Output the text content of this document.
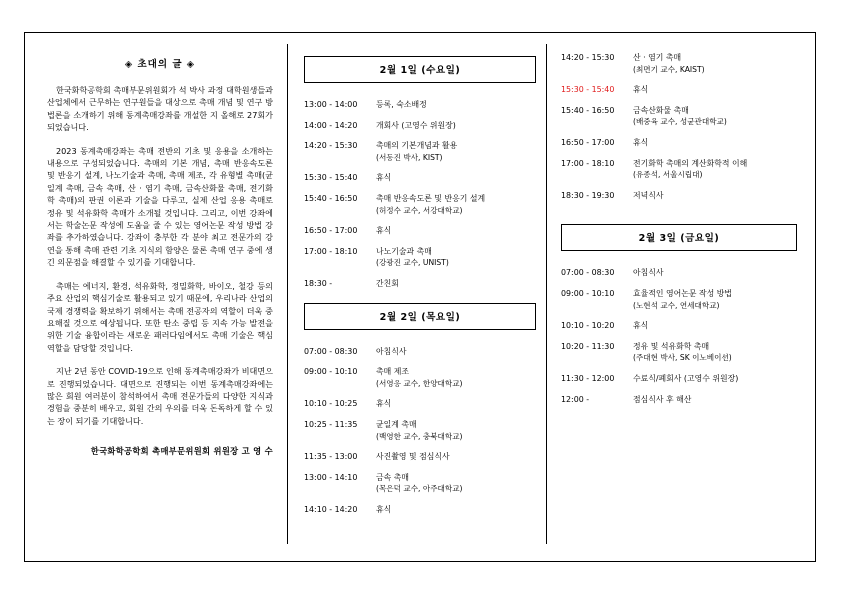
◈ 초대의 글 ◈

한국화학공학회 촉매부문위원회가 석 박사 과정 대학원생들과 산업체에서 근무하는 연구원들을 대상으로 촉매 개념 및 연구 방법론을 소개하기 위해 동계촉매강좌를 개설한 지 올해로 27회가 되었습니다.

2023 동계촉매강좌는 촉매 전반의 기초 및 응용을 소개하는 내용으로 구성되었습니다. 촉매의 기본 개념, 촉매 반응속도론 및 반응기 설계, 나노기술과 촉매, 촉매 제조, 각 유형별 촉매(균일계 촉매, 금속 촉매, 산 · 염기 촉매, 금속산화물 촉매, 전기화학 촉매)의 판권 이론과 기술을 다루고, 실제 산업 응용 촉매로 정유 및 석유화학 촉매가 소개될 것입니다. 그리고, 이번 강좌에서는 학술논문 작성에 도움을 줄 수 있는 영어논문 작성 방법 강좌를 추가하였습니다. 강좌이 충부한 각 분야 최고 전문가의 강연을 통해 촉매 관련 기초 지식의 함양은 물론 촉매 연구 중에 생긴 의문점을 해결할 수 있기를 기대합니다.

촉매는 에너지, 환경, 석유화학, 정밀화학, 바이오, 철강 등의 주요 산업의 핵심기술로 활용되고 있기 때문에, 우리나라 산업의 국제 경쟁력을 확보하기 위해서는 촉매 전공자의 역할이 더욱 중요해질 것으로 예상됩니다. 또한 탄소 중립 등 지속 가능 발전을 위한 기술 융합이라는 새로운 패러다임에서도 촉매 기술은 핵심 역할을 담당할 것입니다.

지난 2년 동안 COVID-19으로 인해 동계촉매강좌가 비대면으로 진행되었습니다. 대면으로 진행되는 이번 동계촉매강좌에는 많은 회원 여러분이 참석하여서 촉매 전문가들의 다양한 지식과 경험을 중분히 배우고, 회원 간의 우의를 더욱 돈독하게 할 수 있는 장이 되기를 기대합니다.

한국화학공학회 촉매부문위원회 위원장 고 영 수
2월 1일 (수요일)
13:00 - 14:00	등록, 숙소배정
14:00 - 14:20	개회사 (고영수 위원장)
14:20 - 15:30	촉매의 기본개념과 활용
(서동진 박사, KIST)

15:30 - 15:40	휴식
15:40 - 16:50	촉매 반응속도론 및 반응기 설계
(허정수 교수, 서강대학교)

16:50 - 17:00	휴식
17:00 - 18:10	나노기술과 촉매
(강광진 교수, UNIST)

18:30 -	간친회
2월 2일 (목요일)
07:00 - 08:30	아침식사
09:00 - 10:10	촉매 제조
(서영응 교수, 한양대학교)

10:10 - 10:25	휴식
10:25 - 11:35	균일계 촉매
(백영한 교수, 충북대학교)

11:35 - 13:00	사진촬영 및 점심식사
13:00 - 14:10	금속 촉매
(목은덕 교수, 아주대학교)

14:10 - 14:20	휴식
14:20 - 15:30	산 · 염기 촉매
(최면기 교수, KAIST)

15:30 - 15:40	휴식
15:40 - 16:50	금속산화물 촉매
(배중육 교수, 성균관대학교)

16:50 - 17:00	휴식
17:00 - 18:10	전기화학 촉매의 계산화학적 이해
(유종석, 서울시립대)

18:30 - 19:30	저녁식사
2월 3일 (금요일)
07:00 - 08:30	아침식사
09:00 - 10:10	효율적인 영어논문 작성 방법
(노현석 교수, 연세대학교)

10:10 - 10:20	휴식
10:20 - 11:30	정유 및 석유화학 촉매
(주대현 박사, SK 이노베이션)

11:30 - 12:00	수료식/폐회사 (고영수 위원장)
12:00 -	점심식사 후 해산
